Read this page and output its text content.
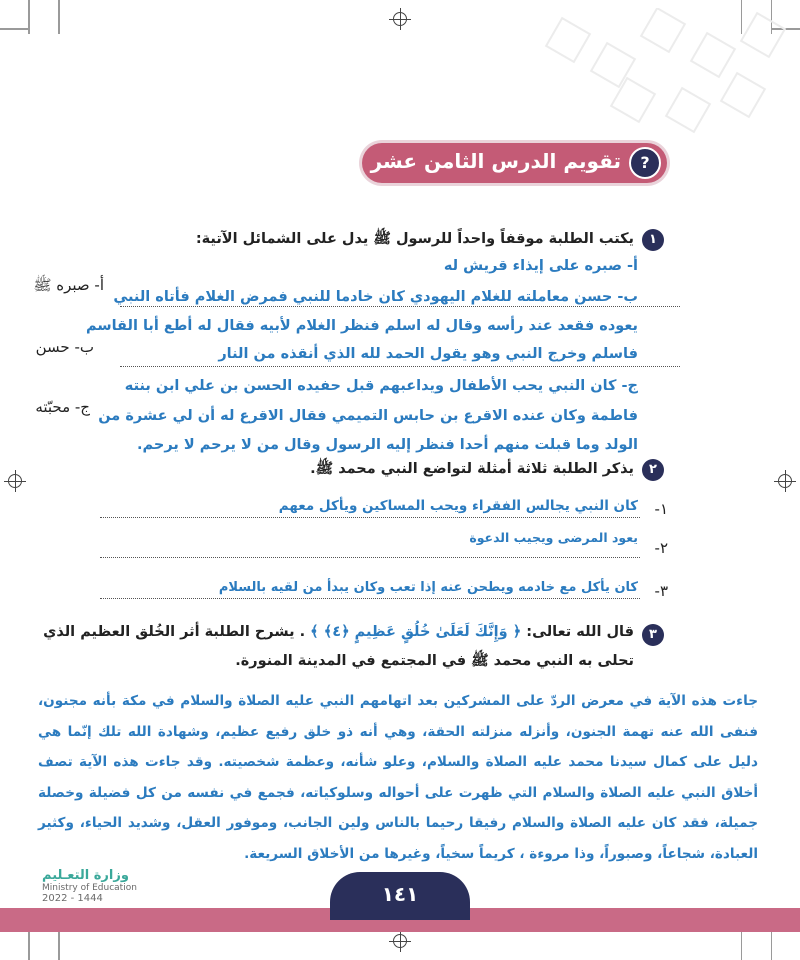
?
تقويم الدرس الثامن عشر
١
يكتب الطلبة موقفاً واحداً للرسول ﷺ يدل على الشمائل الآتية:
أ- صبره ﷺ
ب- حسن
ج- محبّته
أ- صبره على إيذاء قريش له
ب- حسن معاملته للغلام اليهودي كان خادما للنبي فمرض الغلام فأتاه النبي
يعوده فقعد عند رأسه وقال له اسلم فنظر الغلام لأبيه فقال له أطع أبا القاسم
فاسلم وخرج النبي وهو يقول الحمد لله الذي أنقذه من النار
ج- كان النبي يحب الأطفال ويداعبهم قبل حفيده الحسن بن علي ابن بنته
فاطمة وكان عنده الاقرع بن حابس التميمي فقال الاقرع له أن لي عشرة من
الولد وما قبلت منهم أحدا فنظر إليه الرسول وقال من لا يرحم لا يرحم.
٢
يذكر الطلبة ثلاثة أمثلة لتواضع النبي محمد ﷺ.
١-
كان النبي يجالس الفقراء ويحب المساكين ويأكل معهم
٢-
يعود المرضى ويجيب الدعوة
٣-
كان يأكل مع خادمه ويطحن عنه إذا تعب وكان يبدأ من لقيه بالسلام
٣
قال الله تعالى: ﴿ وَإِنَّكَ لَعَلَىٰ خُلُقٍ عَظِيمٍ ﴿٤﴾ ﴾ . يشرح الطلبة أثر الخُلق العظيم الذي
تحلى به النبي محمد ﷺ في المجتمع في المدينة المنورة.
جاءت هذه الآية في معرض الردّ على المشركين بعد اتهامهم النبي عليه الصلاة والسلام في مكة بأنه مجنون، فنفى الله عنه تهمة الجنون، وأنزله منزلته الحقة، وهي أنه ذو خلق رفيع عظيم، وشهادة الله تلك إنّما هي دليل على كمال سيدنا محمد عليه الصلاة والسلام، وعلو شأنه، وعظمة شخصيته. وقد جاءت هذه الآية تصف أخلاق النبي عليه الصلاة والسلام التي ظهرت على أحواله وسلوكياته، فجمع في نفسه من كل فضيلة وخصلة جميلة، فقد كان عليه الصلاة والسلام رفيقا رحيما بالناس ولين الجانب، وموفور العقل، وشديد الحياء، وكثير العبادة، شجاعاً، وصبوراً، وذا مروءة ، كريماً سخياً، وغيرها من الأخلاق السريعة.
١٤١
وزارة التعـليم
Ministry of Education
2022 - 1444
